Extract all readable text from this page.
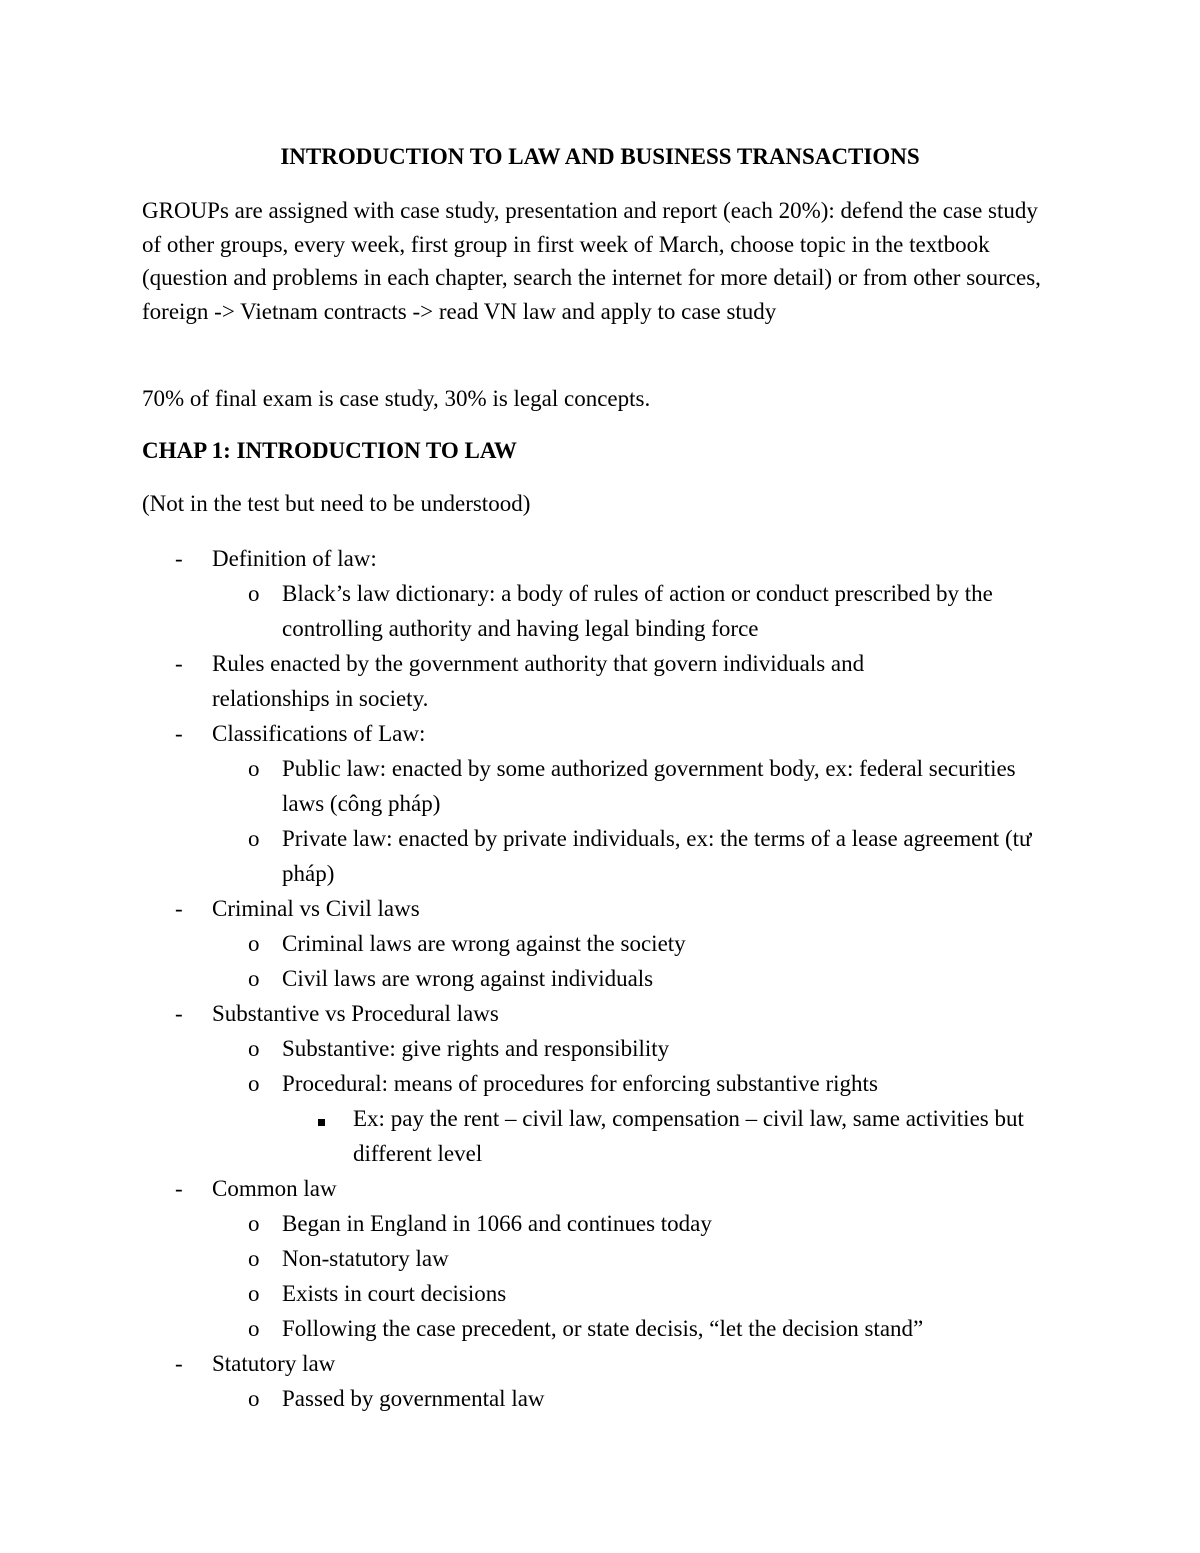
INTRODUCTION TO LAW AND BUSINESS TRANSACTIONS

GROUPs are assigned with case study, presentation and report (each 20%): defend the case study of other groups, every week, first group in first week of March, choose topic in the textbook (question and problems in each chapter, search the internet for more detail) or from other sources, foreign -> Vietnam contracts -> read VN law and apply to case study

70% of final exam is case study, 30% is legal concepts.

CHAP 1: INTRODUCTION TO LAW

(Not in the test but need to be understood)

-	Definition of law:
o Black’s law dictionary: a body of rules of action or conduct prescribed by the controlling authority and having legal binding force
-	Rules enacted by the government authority that govern individuals and relationships in society.
-	Classifications of Law:
o Public law: enacted by some authorized government body, ex: federal securities laws (công pháp)
o Private law: enacted by private individuals, ex: the terms of a lease agreement (tư pháp)
-	Criminal vs Civil laws
o Criminal laws are wrong against the society
o Civil laws are wrong against individuals
-	Substantive vs Procedural laws
o Substantive: give rights and responsibility
o Procedural: means of procedures for enforcing substantive rights
Ex: pay the rent – civil law, compensation – civil law, same activities but different level
-	Common law
o Began in England in 1066 and continues today
o Non-statutory law
o Exists in court decisions
o Following the case precedent, or state decisis, “let the decision stand”
-	Statutory law
o Passed by governmental law
